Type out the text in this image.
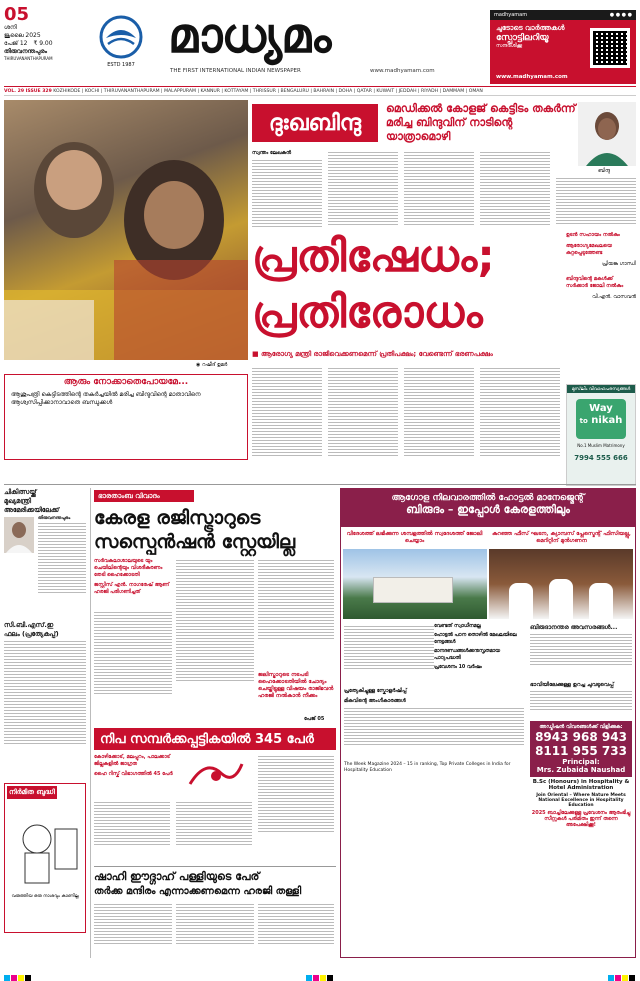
05
ശനി
ജൂലൈ 2025
പേജ് 12 ₹ 9.00
തിരുവനന്തപുരം
THIRUVANANTHAPURAM
ESTD 1987
മാധ്യമം
THE FIRST INTERNATIONAL INDIAN NEWSPAPER	www.madhyamam.com
madhyamam	● ● ● ●
ചുടോടെ വാർത്തകൾ
സ്പോട്ടിലറിയൂ
സന്ദർശിക്കൂ
www.madhyamam.com
VOL. 29 ISSUE 329 KOZHIKODE | KOCHI | THIRUVANANTHAPURAM | MALAPPURAM | KANNUR | KOTTAYAM | THRISSUR | BENGALURU | BAHRAIN | DOHA | QATAR | KUWAIT | JEDDAH | RIYADH | DAMMAM | OMAN
◉ റഷീദ് ഉമർ
ദുഃഖബിന്ദു
മെഡിക്കൽ കോളജ് കെട്ടിടം തകർന്ന് മരിച്ച ബിന്ദുവിന് നാടിന്റെ യാത്രാമൊഴി
ബിന്ദു
സ്വന്തം ലേഖകൻ
പ്രതിഷേധം;
പ്രതിരോധം
ഉടൻ സഹായം നൽകും
ആരോഗ്യമേഖലയെ കുറ്റപ്പെടുത്തേണ്ട
പ്രിയങ്ക ഗാന്ധി
ബിന്ദുവിന്റെ മകൾക്ക് സർക്കാർ ജോലി നൽകും
വി.എൻ. വാസവൻ
■ ആരോഗ്യ മന്ത്രി രാജിവെക്കണമെന്ന് പ്രതിപക്ഷം; വേണ്ടെന്ന് ഭരണപക്ഷം
ആരും നോക്കാതെപോയമേ...
ആശുപത്രി കെട്ടിടത്തിന്റെ തകർച്ചയിൽ മരിച്ച ബിന്ദുവിന്റെ മാതാവിനെ ആശ്വസിപ്പിക്കാനാവാതെ ബന്ധുക്കൾ
മുസ്‌ലിം വിവാഹപരസ്യങ്ങൾ
Way
to nikah
No.1 Muslim Matrimony
7994 555 666
ചികിത്സയ്ക്ക്
മുഖ്യമന്ത്രി
അമേരിക്കയിലേക്ക്
തിരുവനന്തപുരം
സി.ബി.എസ്.ഇ
ഫലം (പ്രത്യേകപ്പ്)
നിർമിത ബുദ്ധി
വരുത്തിയ ഒരു നാശവും കാണില്ല
ഭാരതാംബ വിവാദം
കേരള രജിസ്ട്രാറുടെ സസ്പെൻഷൻ സ്റ്റേയില്ല
സർവകലാശാലയുടെ യും ചെയിലിന്റെയും വിശദീകരണം തേടി ഹൈക്കോടതി
ജസ്റ്റിസ് എൻ. നാഗരേഷ് ആണ് ഹരജി പരിഗണിച്ചത്
ജലിസ്ട്രാറുടെ നടപടി ഹൈക്കോടതിയിൽ ചോദ്യം ചെയ്തിട്ടുള്ള വിഷയം രാജ്ഭവൻ ഹരജി നൽകാൻ നീക്കം
പേജ് 05
ആഗോള നിലവാരത്തിൽ ഹോട്ടൽ മാനേജ്മെന്റ്
ബിരുദം – ഇപ്പോൾ കേരളത്തിലും
വിദേശത്ത് ലഭിക്കുന്ന ശമ്പളത്തിൽ സ്വദേശത്ത് ജോലി ചെയ്യാം
കുറഞ്ഞ ഫീസ് ഘടന, ക്യാമ്പസ് പ്ലേസ്മെന്റ് ഫിസിയല്ലു, മെറിറ്റിന് മുൻഗണന
വേണ്ടത് സ്വാധീനമല്ല
ഹോട്ടൽ പഠന തൊഴിൽ മേഖലയിലെ നേട്ടങ്ങൾ
മാനദണ്ഡങ്ങൾക്കനുസൃതമായ പാഠ്യപദ്ധതി
പ്രവേശനം 10 വർഷം
പ്രത്യേകിച്ചുള്ള സ്കോളർഷിപ്പ്
മികവിന്റെ അംഗീകാരങ്ങൾ
The Week Magazine 2024 – 15 in ranking, Top Private Colleges in India for Hospitality Education
ബിരുദാനന്തര അവസരങ്ങൾ...
ഭാവിയിലേക്കുള്ള ഉറച്ച ചുവടുവെപ്പ്
അഡ്മിഷൻ വിവരങ്ങൾക്ക് വിളിക്കുക:
8943 968 943
8111 955 733
Principal:
Mrs. Zubaida Naushad
B.Sc (Honours) in Hospitality & Hotel Administration
Join Oriental – Where Nature Meets National Excellence in Hospitality Education
2025 ബാച്ചിലേക്കുള്ള പ്രവേശനം ആരംഭിച്ചു സീറ്റുകൾ പരിമിതം ഇന്ന് തന്നെ അപേക്ഷിക്കൂ!
നിപ സമ്പർക്കപ്പട്ടികയിൽ 345 പേർ
കോഴിക്കോട്, മലപ്പുറം, പാലക്കാട് ജില്ലകളിൽ ജാഗ്രത
ഹൈ റിസ്ക് വിഭാഗത്തിൽ 45 പേർ
ഷാഹി ഈദ്ഗാഹ് പള്ളിയുടെ പേര്
തർക്ക മന്ദിരം എന്നാക്കണമെന്ന ഹരജി തള്ളി
